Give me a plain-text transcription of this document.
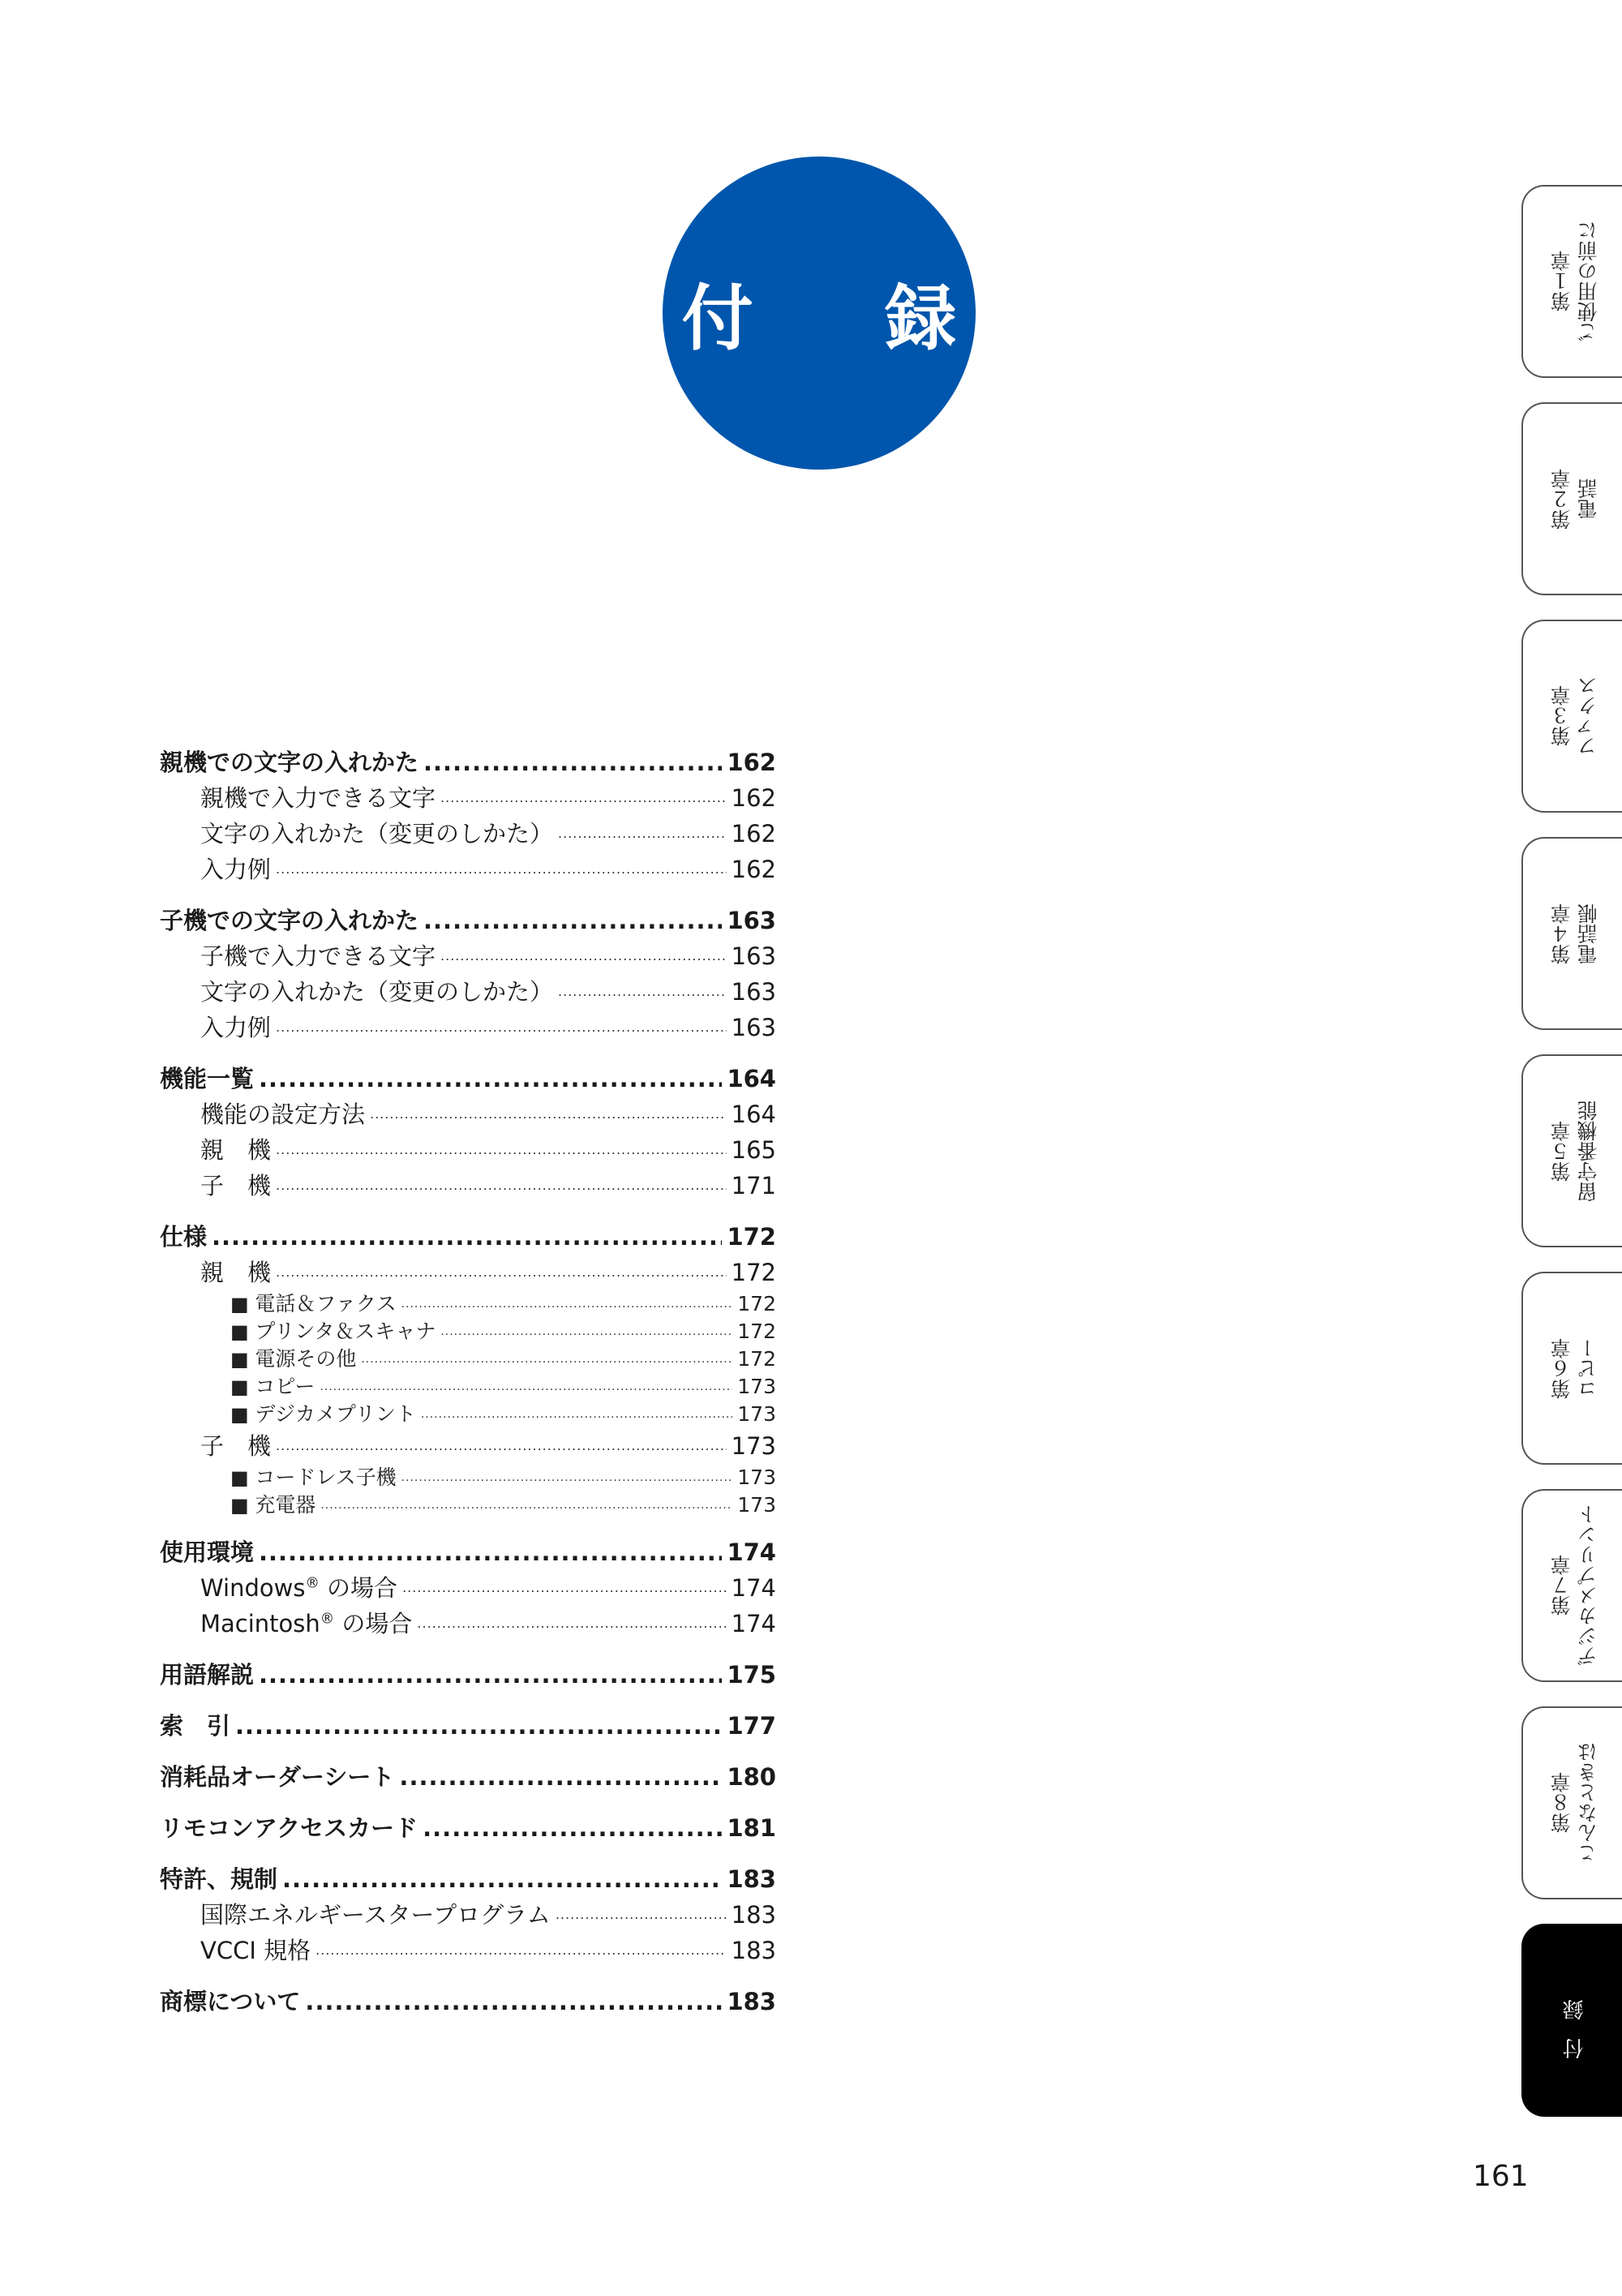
付 録
親機での文字の入れかた .....	162
親機で入力できる文字 .....	162
文字の入れかた（変更のしかた） .....	162
入力例 .....	162
子機での文字の入れかた .....	163
子機で入力できる文字 .....	163
文字の入れかた（変更のしかた） .....	163
入力例 .....	163
機能一覧 .....	164
機能の設定方法 .....	164
親　機 .....	165
子　機 .....	171
仕様 .....	172
親　機 .....	172
■ 電話＆ファクス .....	172
■ プリンタ＆スキャナ .....	172
■ 電源その他 .....	172
■ コピー .....	173
■ デジカメプリント .....	173
子　機 .....	173
■ コードレス子機 .....	173
■ 充電器 .....	173
使用環境 .....	174
Windows® の場合 .....	174
Macintosh® の場合 .....	174
用語解説 .....	175
索　引 .....	177
消耗品オーダーシート .....	180
リモコンアクセスカード .....	181
特許、規制 .....	183
国際エネルギースタープログラム .....	183
VCCI 規格 .....	183
商標について .....	183
第１章 ご使用の前に
第２章 電話
第３章 ファクス
第４章 電話帳
第５章 留守番機能
第６章 コピー
第７章 デジカメプリント
第８章 こんなときは
付録
161
